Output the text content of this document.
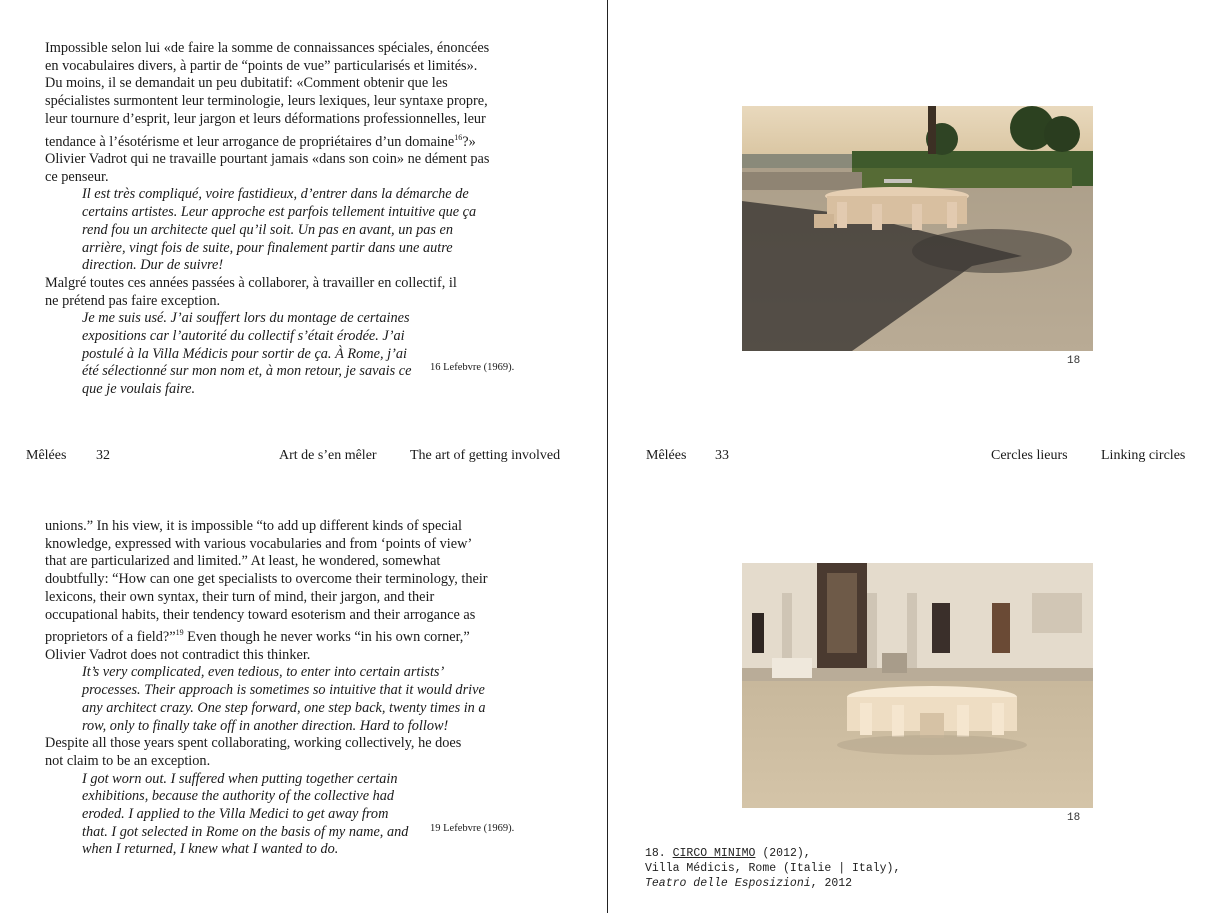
Impossible selon lui «de faire la somme de connaissances spéciales, énoncées en vocabulaires divers, à partir de “points de vue” particularisés et limités». Du moins, il se demandait un peu dubitatif: «Comment obtenir que les spécialistes surmontent leur terminologie, leurs lexiques, leur syntaxe propre, leur tournure d’esprit, leur jargon et leurs déformations professionnelles, leur tendance à l’ésotérisme et leur arrogance de propriétaires d’un domaine$^{16}$?» Olivier Vadrot qui ne travaille pourtant jamais «dans son coin» ne dément pas ce penseur.

Il est très compliqué, voire fastidieux, d’entrer dans la démarche de certains artistes. Leur approche est parfois tellement intuitive que ça rend fou un architecte quel qu’il soit. Un pas en avant, un pas en arrière, vingt fois de suite, pour finalement partir dans une autre direction. Dur de suivre!

Malgré toutes ces années passées à collaborer, à travailler en collectif, il ne prétend pas faire exception.

Je me suis usé. J’ai souffert lors du montage de certaines expositions car l’autorité du collectif s’était érodée. J’ai postulé à la Villa Médicis pour sortir de ça. À Rome, j’ai été sélectionné sur mon nom et, à mon retour, je savais ce que je voulais faire.

16 Lefebvre (1969).
Mêlées 32	Art de s’en mêler The art of getting involved

unions.” In his view, it is impossible “to add up different kinds of special knowledge, expressed with various vocabularies and from ‘points of view’ that are particularized and limited.” At least, he wondered, somewhat doubtfully: “How can one get specialists to overcome their terminology, their lexicons, their own syntax, their turn of mind, their jargon, and their occupational habits, their tendency toward esoterism and their arrogance as proprietors of a field?”$^{19}$ Even though he never works “in his own corner,” Olivier Vadrot does not contradict this thinker.

It’s very complicated, even tedious, to enter into certain artists’ processes. Their approach is sometimes so intuitive that it would drive any architect crazy. One step forward, one step back, twenty times in a row, only to finally take off in another direction. Hard to follow!

Despite all those years spent collaborating, working collectively, he does not claim to be an exception.

I got worn out. I suffered when putting together certain exhibitions, because the authority of the collective had eroded. I applied to the Villa Medici to get away from that. I got selected in Rome on the basis of my name, and when I returned, I knew what I wanted to do.

19 Lefebvre (1969).
Mêlées 33	Cercles lieurs Linking circles
18
18
18. CIRCO MINIMO (2012),
Villa Médicis, Rome (Italie | Italy),
Teatro delle Esposizioni, 2012
